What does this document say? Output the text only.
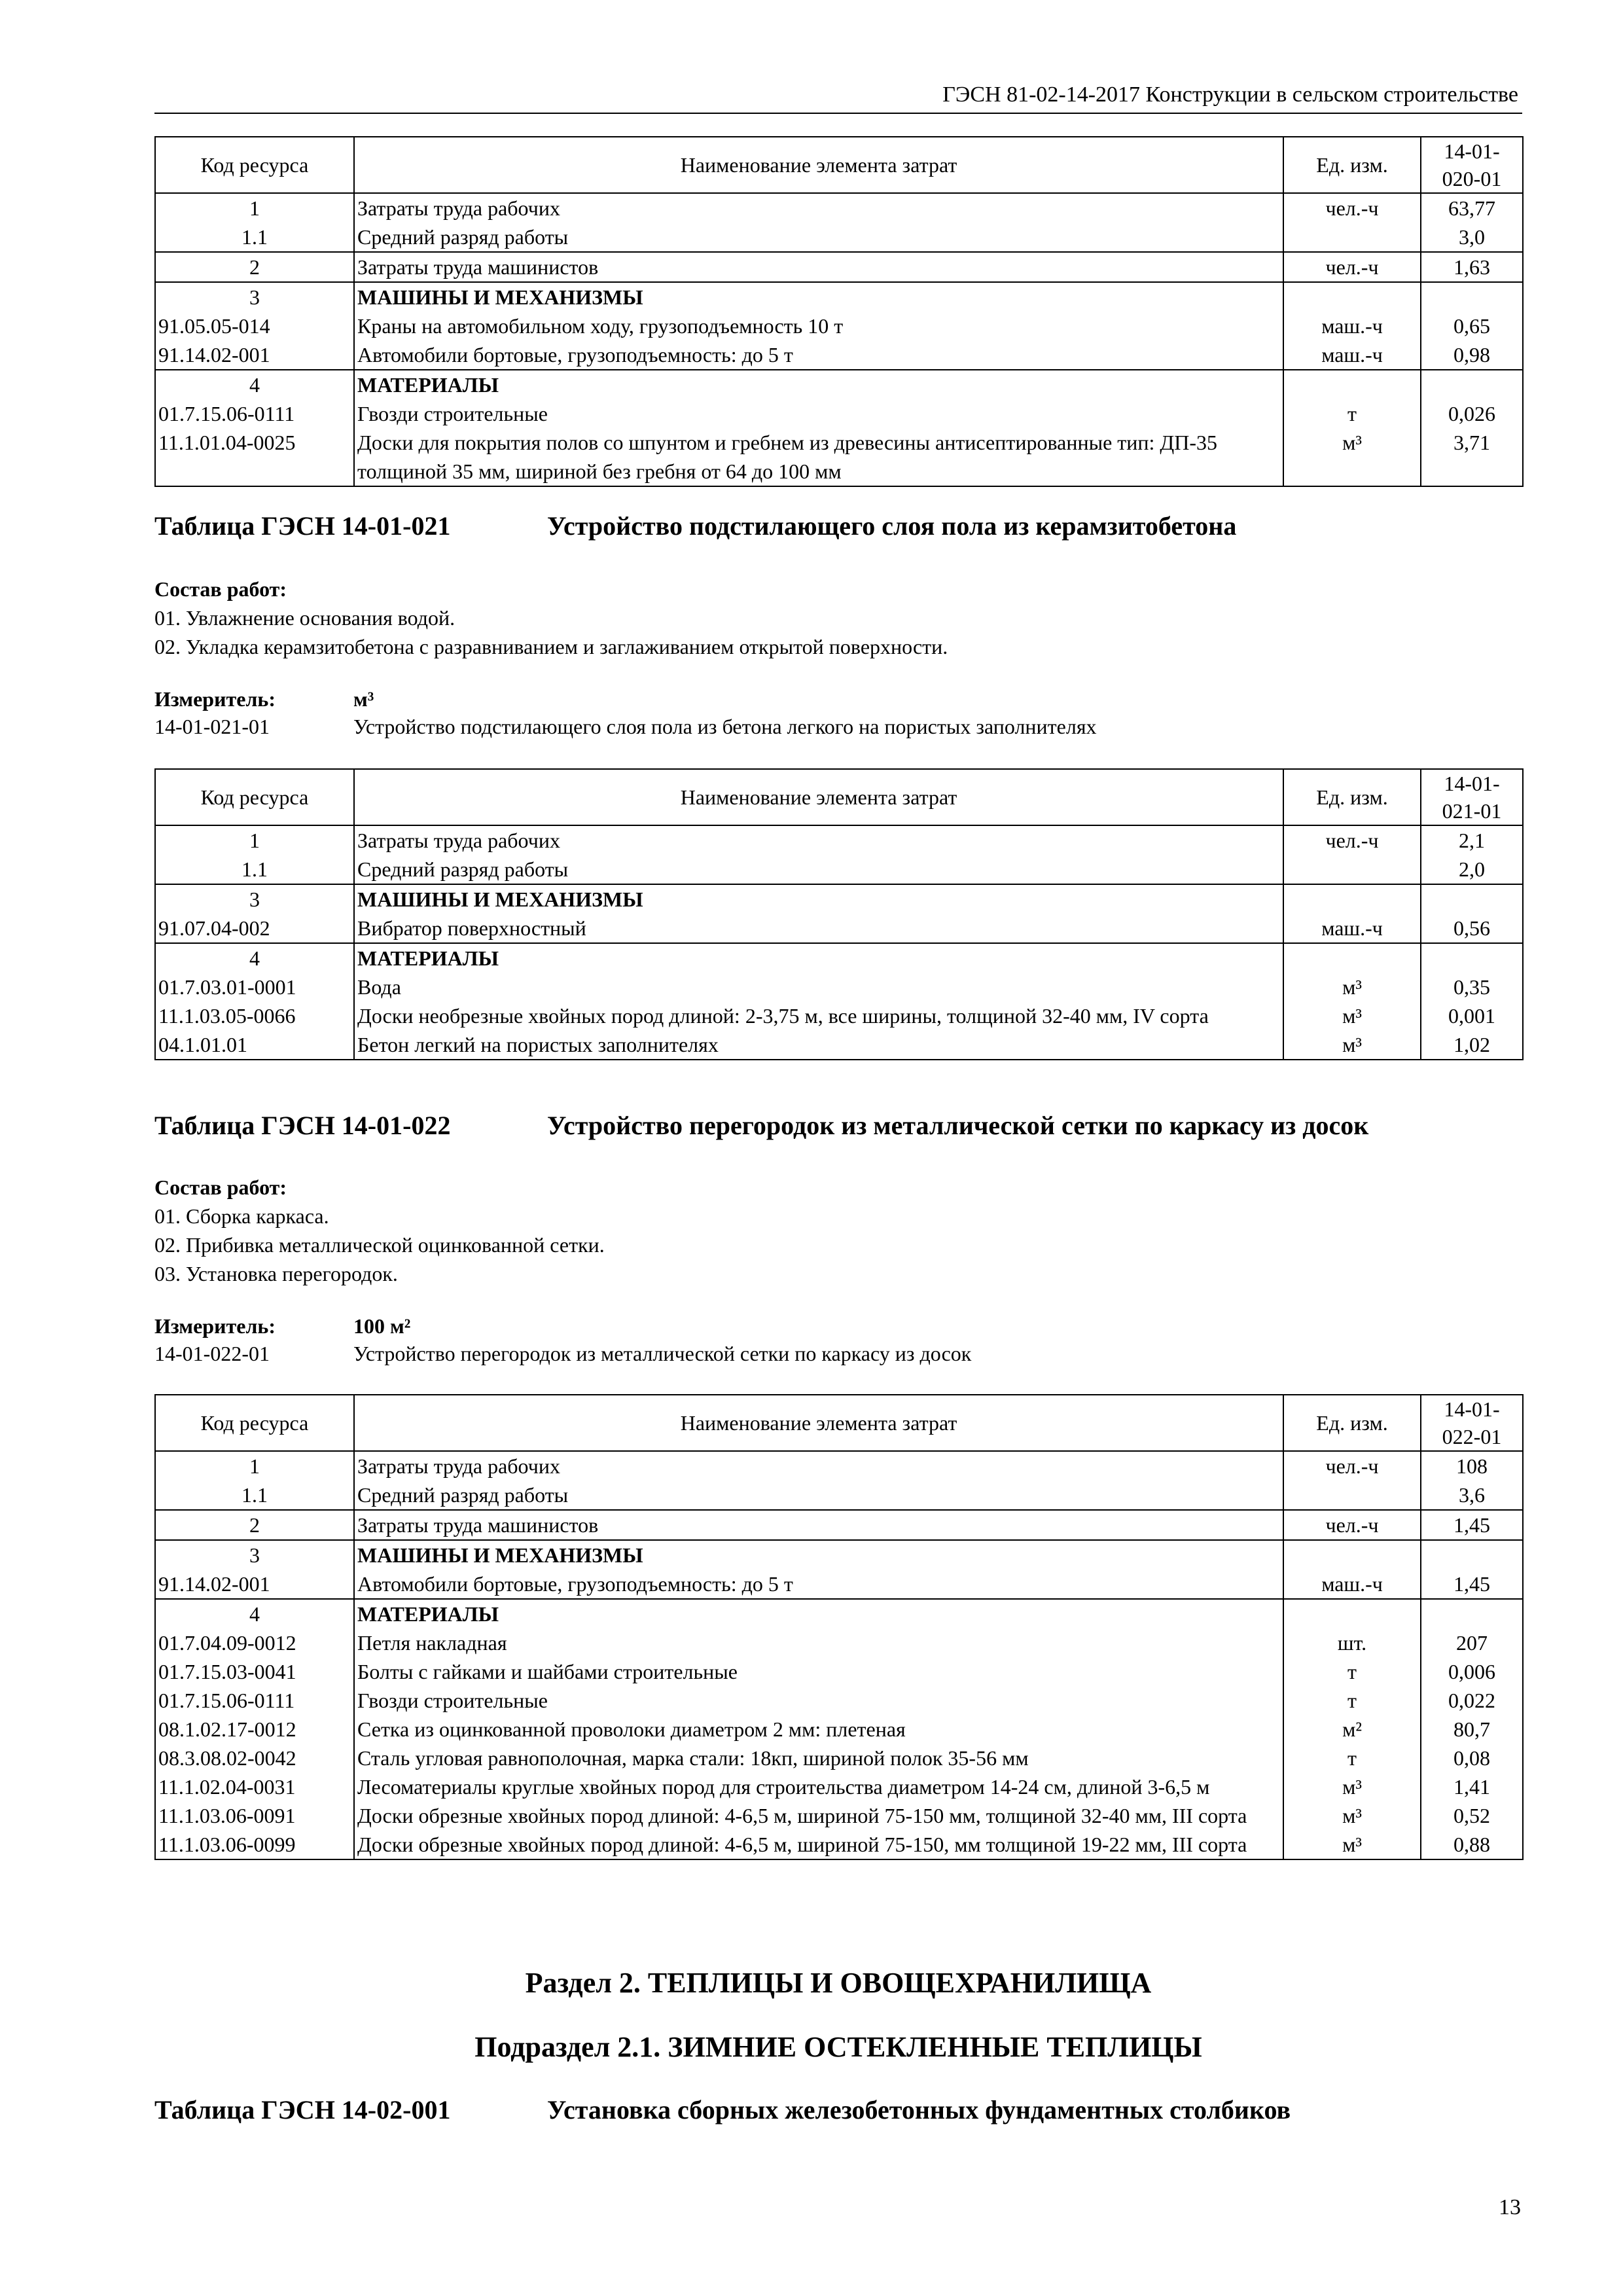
ГЭСН 81-02-14-2017 Конструкции в сельском строительстве
Код ресурса	Наименование элемента затрат	Ед. изм.	14-01-
020-01

1	Затраты труда рабочих	чел.-ч	63,77
1.1	Средний разряд работы		3,0
2	Затраты труда машинистов	чел.-ч	1,63
3	МАШИНЫ И МЕХАНИЗМЫ		
91.05.05-014	Краны на автомобильном ходу, грузоподъемность 10 т	маш.-ч	0,65
91.14.02-001	Автомобили бортовые, грузоподъемность: до 5 т	маш.-ч	0,98
4	МАТЕРИАЛЫ		
01.7.15.06-0111	Гвозди строительные	т	0,026
11.1.01.04-0025	Доски для покрытия полов со шпунтом и гребнем из древесины антисептированные тип: ДП-35 толщиной 35 мм, шириной без гребня от 64 до 100 мм	м³	3,71
Таблица ГЭСН 14-01-021	Устройство подстилающего слоя пола из керамзитобетона
Состав работ:
01. Увлажнение основания водой.
02. Укладка керамзитобетона с разравниванием и заглаживанием открытой поверхности.
Измеритель:	м³
14-01-021-01	Устройство подстилающего слоя пола из бетона легкого на пористых заполнителях
Код ресурса	Наименование элемента затрат	Ед. изм.	14-01-
021-01

1	Затраты труда рабочих	чел.-ч	2,1
1.1	Средний разряд работы		2,0
3	МАШИНЫ И МЕХАНИЗМЫ		
91.07.04-002	Вибратор поверхностный	маш.-ч	0,56
4	МАТЕРИАЛЫ		
01.7.03.01-0001	Вода	м³	0,35
11.1.03.05-0066	Доски необрезные хвойных пород длиной: 2-3,75 м, все ширины, толщиной 32-40 мм, IV сорта	м³	0,001
04.1.01.01	Бетон легкий на пористых заполнителях	м³	1,02
Таблица ГЭСН 14-01-022	Устройство перегородок из металлической сетки по каркасу из досок
Состав работ:
01. Сборка каркаса.
02. Прибивка металлической оцинкованной сетки.
03. Установка перегородок.
Измеритель:	100 м²
14-01-022-01	Устройство перегородок из металлической сетки по каркасу из досок
Код ресурса	Наименование элемента затрат	Ед. изм.	14-01-
022-01

1	Затраты труда рабочих	чел.-ч	108
1.1	Средний разряд работы		3,6
2	Затраты труда машинистов	чел.-ч	1,45
3	МАШИНЫ И МЕХАНИЗМЫ		
91.14.02-001	Автомобили бортовые, грузоподъемность: до 5 т	маш.-ч	1,45
4	МАТЕРИАЛЫ		
01.7.04.09-0012	Петля накладная	шт.	207
01.7.15.03-0041	Болты с гайками и шайбами строительные	т	0,006
01.7.15.06-0111	Гвозди строительные	т	0,022
08.1.02.17-0012	Сетка из оцинкованной проволоки диаметром 2 мм: плетеная	м²	80,7
08.3.08.02-0042	Сталь угловая равнополочная, марка стали: 18кп, шириной полок 35-56 мм	т	0,08
11.1.02.04-0031	Лесоматериалы круглые хвойных пород для строительства диаметром 14-24 см, длиной 3-6,5 м	м³	1,41
11.1.03.06-0091	Доски обрезные хвойных пород длиной: 4-6,5 м, шириной 75-150 мм, толщиной 32-40 мм, III сорта	м³	0,52
11.1.03.06-0099	Доски обрезные хвойных пород длиной: 4-6,5 м, шириной 75-150, мм толщиной 19-22 мм, III сорта	м³	0,88
Раздел 2. ТЕПЛИЦЫ И ОВОЩЕХРАНИЛИЩА
Подраздел 2.1. ЗИМНИЕ ОСТЕКЛЕННЫЕ ТЕПЛИЦЫ
Таблица ГЭСН 14-02-001	Установка сборных железобетонных фундаментных столбиков
13
